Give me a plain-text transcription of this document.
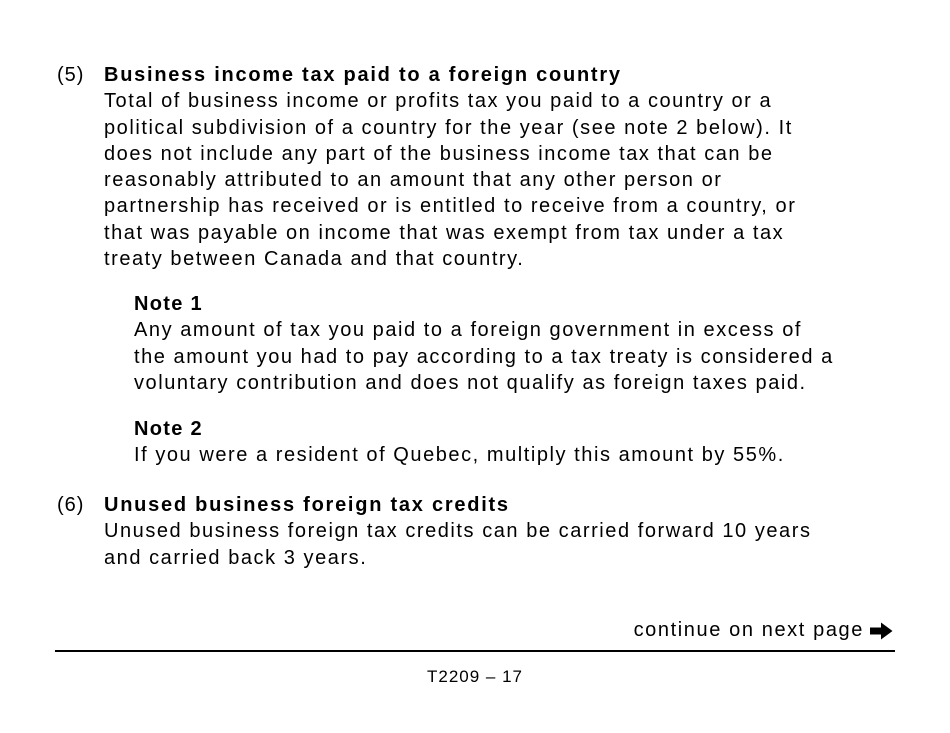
(5) Business income tax paid to a foreign country
Total of business income or profits tax you paid to a country or a
political subdivision of a country for the year (see note 2 below). It
does not include any part of the business income tax that can be
reasonably attributed to an amount that any other person or
partnership has received or is entitled to receive from a country, or
that was payable on income that was exempt from tax under a tax
treaty between Canada and that country.
Note 1
Any amount of tax you paid to a foreign government in excess of
the amount you had to pay according to a tax treaty is considered a
voluntary contribution and does not qualify as foreign taxes paid.
Note 2
If you were a resident of Quebec, multiply this amount by 55%.
(6) Unused business foreign tax credits
Unused business foreign tax credits can be carried forward 10 years
and carried back 3 years.
continue on next page
T2209 – 17
